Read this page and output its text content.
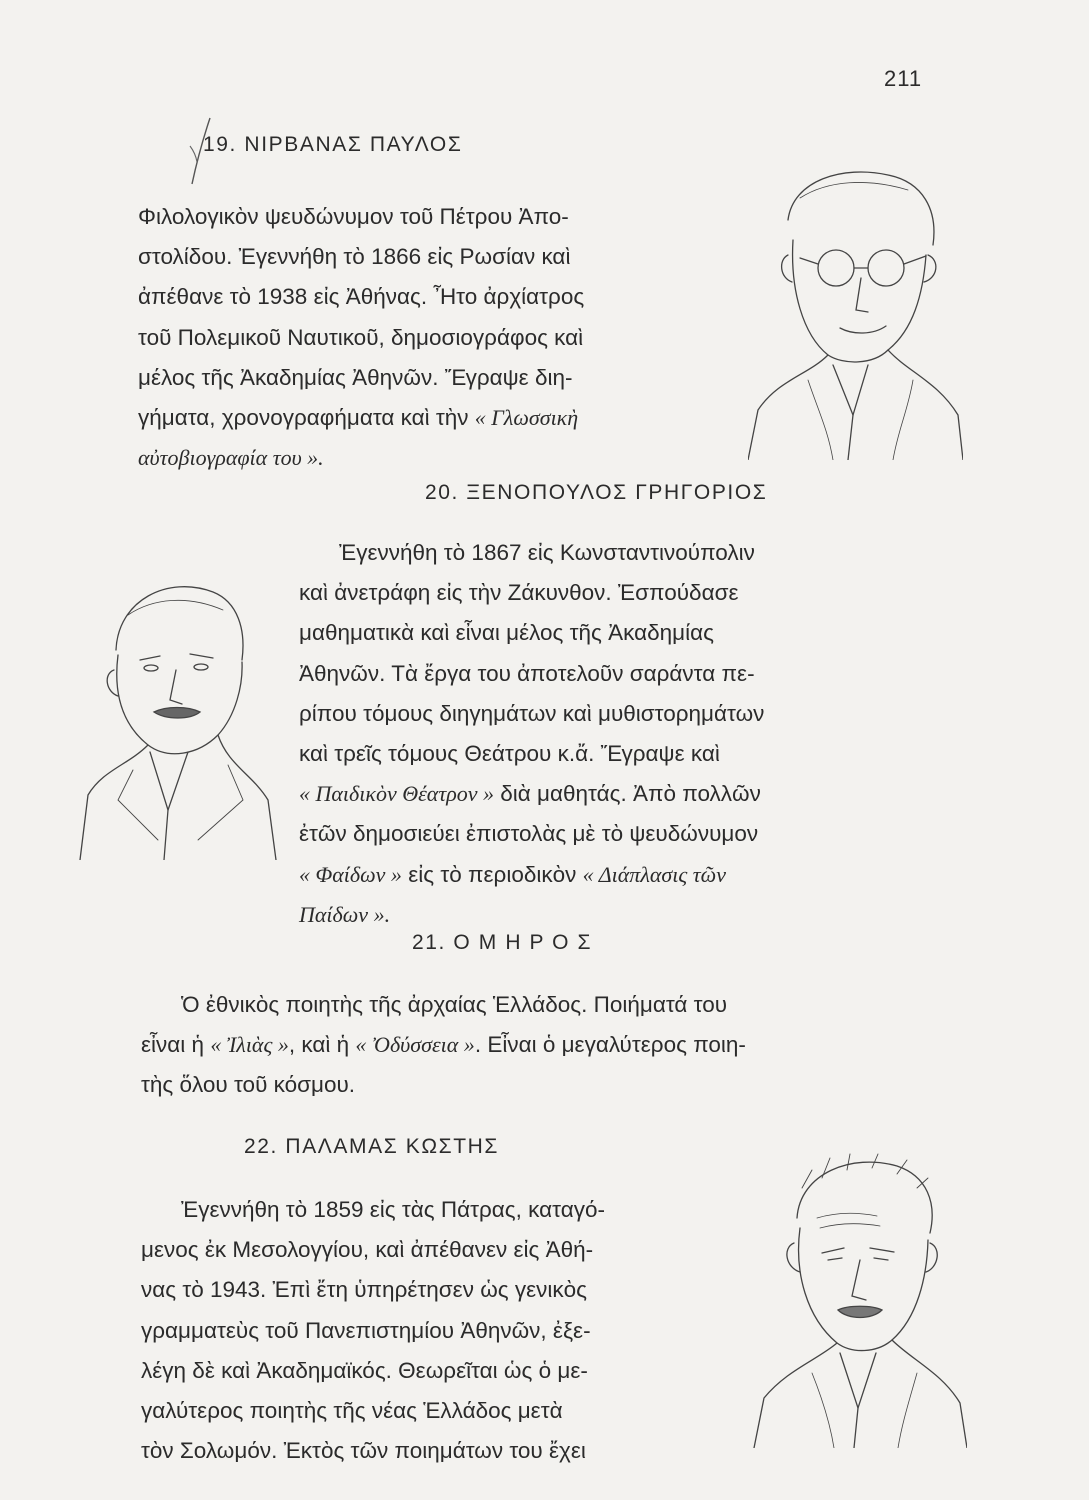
211
19. ΝΙΡΒΑΝΑΣ ΠΑΥΛΟΣ
Φιλολογικὸν ψευδώνυμον τοῦ Πέτρου Ἀπο-
στολίδου. Ἐγεννήθη τὸ 1866 εἰς Ρωσίαν καὶ
ἀπέθανε τὸ 1938 εἰς Ἀθήνας. Ἦτο ἀρχίατρος
τοῦ Πολεμικοῦ Ναυτικοῦ, δημοσιογράφος καὶ
μέλος τῆς Ἀκαδημίας Ἀθηνῶν. Ἔγραψε διη-
γήματα, χρονογραφήματα καὶ τὴν « Γλωσσικὴ
αὐτοβιογραφία του ».
20. ΞΕΝΟΠΟΥΛΟΣ ΓΡΗΓΟΡΙΟΣ
Ἐγεννήθη τὸ 1867 εἰς Κωνσταντινούπολιν
καὶ ἀνετράφη εἰς τὴν Ζάκυνθον. Ἐσπούδασε
μαθηματικὰ καὶ εἶναι μέλος τῆς Ἀκαδημίας
Ἀθηνῶν. Τὰ ἔργα του ἀποτελοῦν σαράντα πε-
ρίπου τόμους διηγημάτων καὶ μυθιστορημάτων
καὶ τρεῖς τόμους Θεάτρου κ.ἄ. Ἔγραψε καὶ
« Παιδικὸν Θέατρον » διὰ μαθητάς. Ἀπὸ πολλῶν
ἐτῶν δημοσιεύει ἐπιστολὰς μὲ τὸ ψευδώνυμον
« Φαίδων » εἰς τὸ περιοδικὸν « Διάπλασις τῶν
Παίδων ».
21. Ο Μ Η Ρ Ο Σ
Ὁ ἐθνικὸς ποιητὴς τῆς ἀρχαίας Ἑλλάδος. Ποιήματά του
εἶναι ἡ « Ἰλιὰς », καὶ ἡ « Ὀδύσσεια ». Εἶναι ὁ μεγαλύτερος ποιη-
τὴς ὅλου τοῦ κόσμου.
22. ΠΑΛΑΜΑΣ ΚΩΣΤΗΣ
Ἐγεννήθη τὸ 1859 εἰς τὰς Πάτρας, καταγό-
μενος ἐκ Μεσολογγίου, καὶ ἀπέθανεν εἰς Ἀθή-
νας τὸ 1943. Ἐπὶ ἔτη ὑπηρέτησεν ὡς γενικὸς
γραμματεὺς τοῦ Πανεπιστημίου Ἀθηνῶν, ἐξε-
λέγη δὲ καὶ Ἀκαδημαϊκός. Θεωρεῖται ὡς ὁ με-
γαλύτερος ποιητὴς τῆς νέας Ἑλλάδος μετὰ
τὸν Σολωμόν. Ἐκτὸς τῶν ποιημάτων του ἔχει
